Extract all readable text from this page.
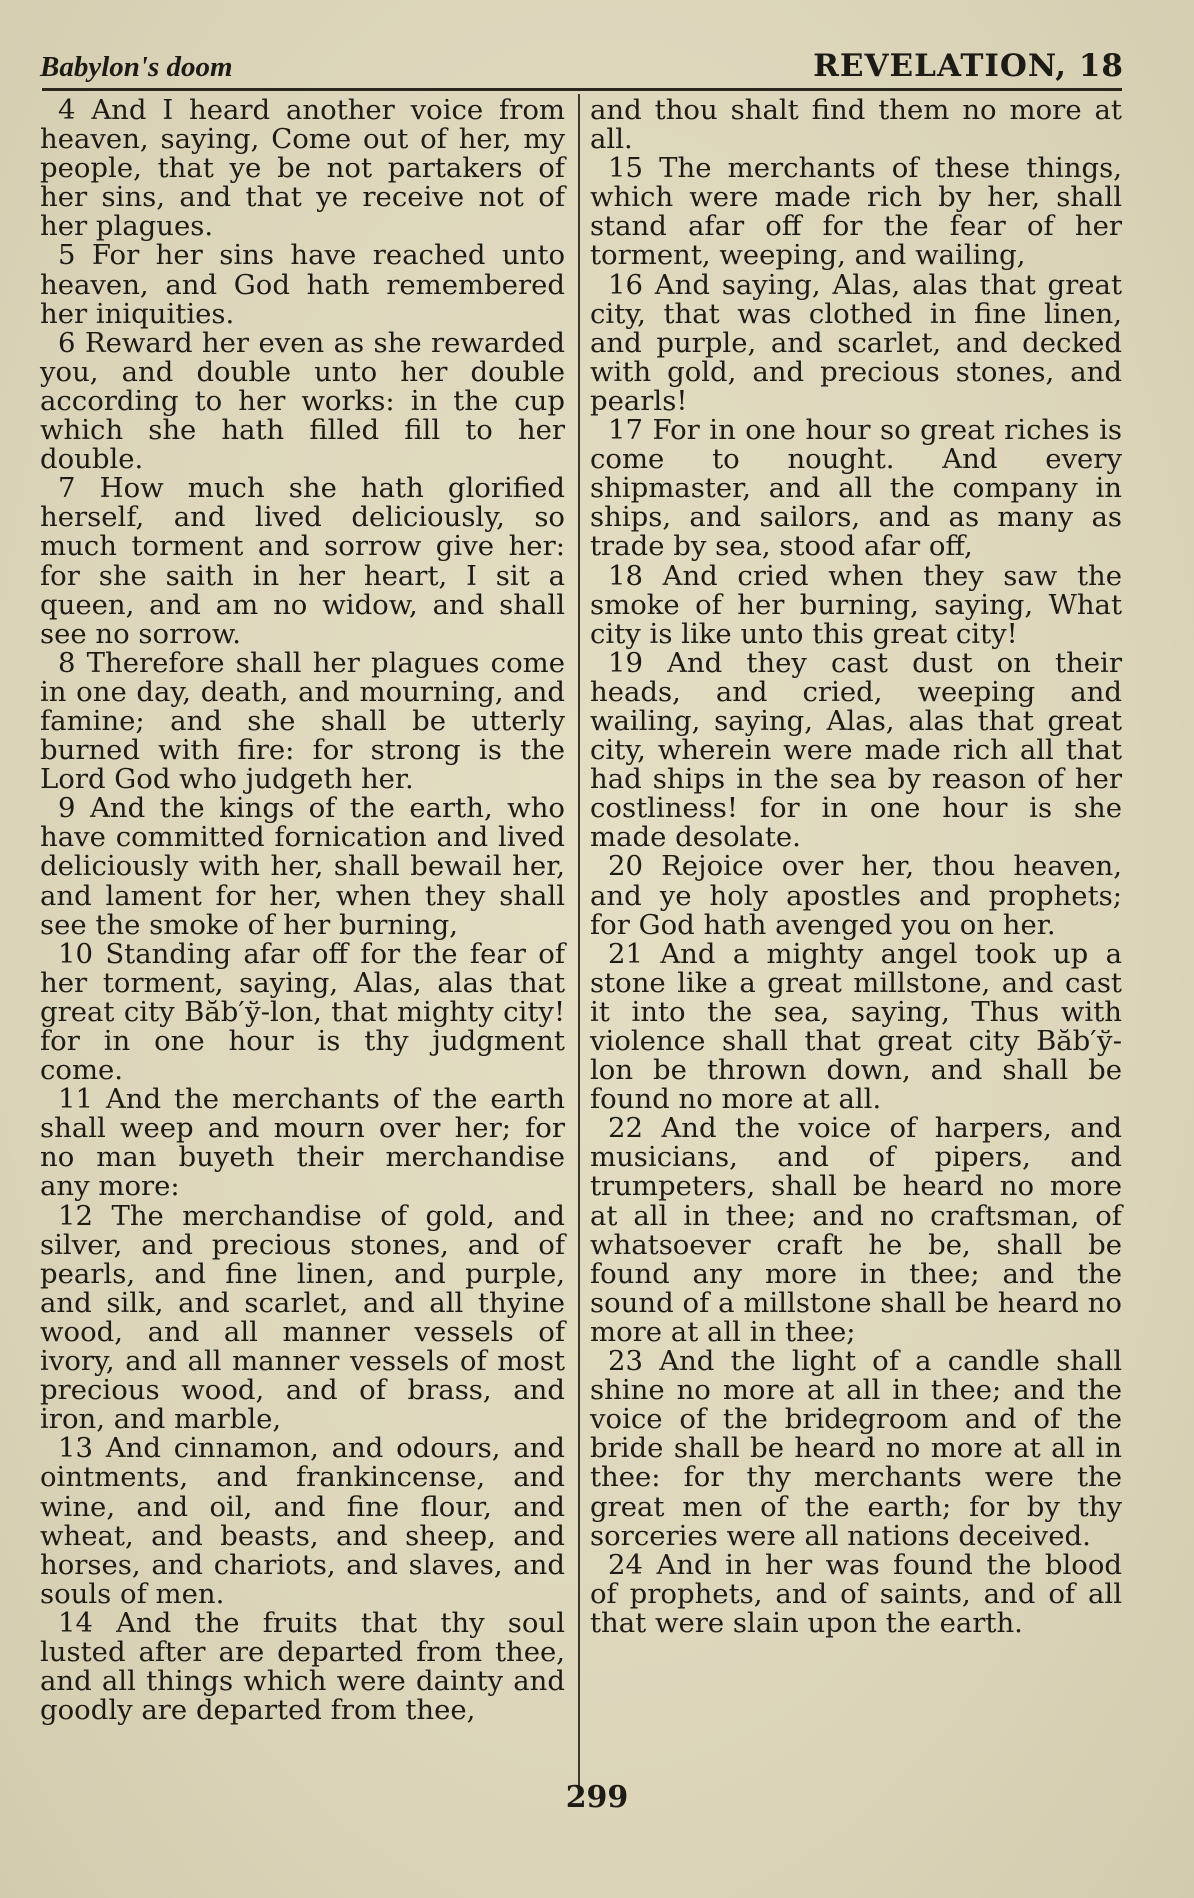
Babylon's doom	REVELATION, 18

4 And I heard another voice from heaven, saying, Come out of her, my people, that ye be not partakers of her sins, and that ye receive not of her plagues.

5 For her sins have reached unto heaven, and God hath remembered her iniquities.

6 Reward her even as she rewarded you, and double unto her double according to her works: in the cup which she hath filled fill to her double.

7 How much she hath glorified herself, and lived deliciously, so much torment and sorrow give her: for she saith in her heart, I sit a queen, and am no widow, and shall see no sorrow.

8 Therefore shall her plagues come in one day, death, and mourning, and famine; and she shall be utterly burned with fire: for strong is the Lord God who judgeth her.

9 And the kings of the earth, who have committed fornication and lived deliciously with her, shall bewail her, and lament for her, when they shall see the smoke of her burning,

10 Standing afar off for the fear of her torment, saying, Alas, alas that great city Băb′ў-lon, that mighty city! for in one hour is thy judgment come.

11 And the merchants of the earth shall weep and mourn over her; for no man buyeth their merchandise any more:

12 The merchandise of gold, and silver, and precious stones, and of pearls, and fine linen, and purple, and silk, and scarlet, and all thyine wood, and all manner vessels of ivory, and all manner vessels of most precious wood, and of brass, and iron, and marble,

13 And cinnamon, and odours, and ointments, and frankincense, and wine, and oil, and fine flour, and wheat, and beasts, and sheep, and horses, and chariots, and slaves, and souls of men.

14 And the fruits that thy soul lusted after are departed from thee, and all things which were dainty and goodly are departed from thee,

and thou shalt find them no more at all.

15 The merchants of these things, which were made rich by her, shall stand afar off for the fear of her torment, weeping, and wailing,

16 And saying, Alas, alas that great city, that was clothed in fine linen, and purple, and scarlet, and decked with gold, and precious stones, and pearls!

17 For in one hour so great riches is come to nought. And every shipmaster, and all the company in ships, and sailors, and as many as trade by sea, stood afar off,

18 And cried when they saw the smoke of her burning, saying, What city is like unto this great city!

19 And they cast dust on their heads, and cried, weeping and wailing, saying, Alas, alas that great city, wherein were made rich all that had ships in the sea by reason of her costliness! for in one hour is she made desolate.

20 Rejoice over her, thou heaven, and ye holy apostles and prophets; for God hath avenged you on her.

21 And a mighty angel took up a stone like a great millstone, and cast it into the sea, saying, Thus with violence shall that great city Băb′ў-lon be thrown down, and shall be found no more at all.

22 And the voice of harpers, and musicians, and of pipers, and trumpeters, shall be heard no more at all in thee; and no craftsman, of whatsoever craft he be, shall be found any more in thee; and the sound of a millstone shall be heard no more at all in thee;

23 And the light of a candle shall shine no more at all in thee; and the voice of the bridegroom and of the bride shall be heard no more at all in thee: for thy merchants were the great men of the earth; for by thy sorceries were all nations deceived.

24 And in her was found the blood of prophets, and of saints, and of all that were slain upon the earth.

299
